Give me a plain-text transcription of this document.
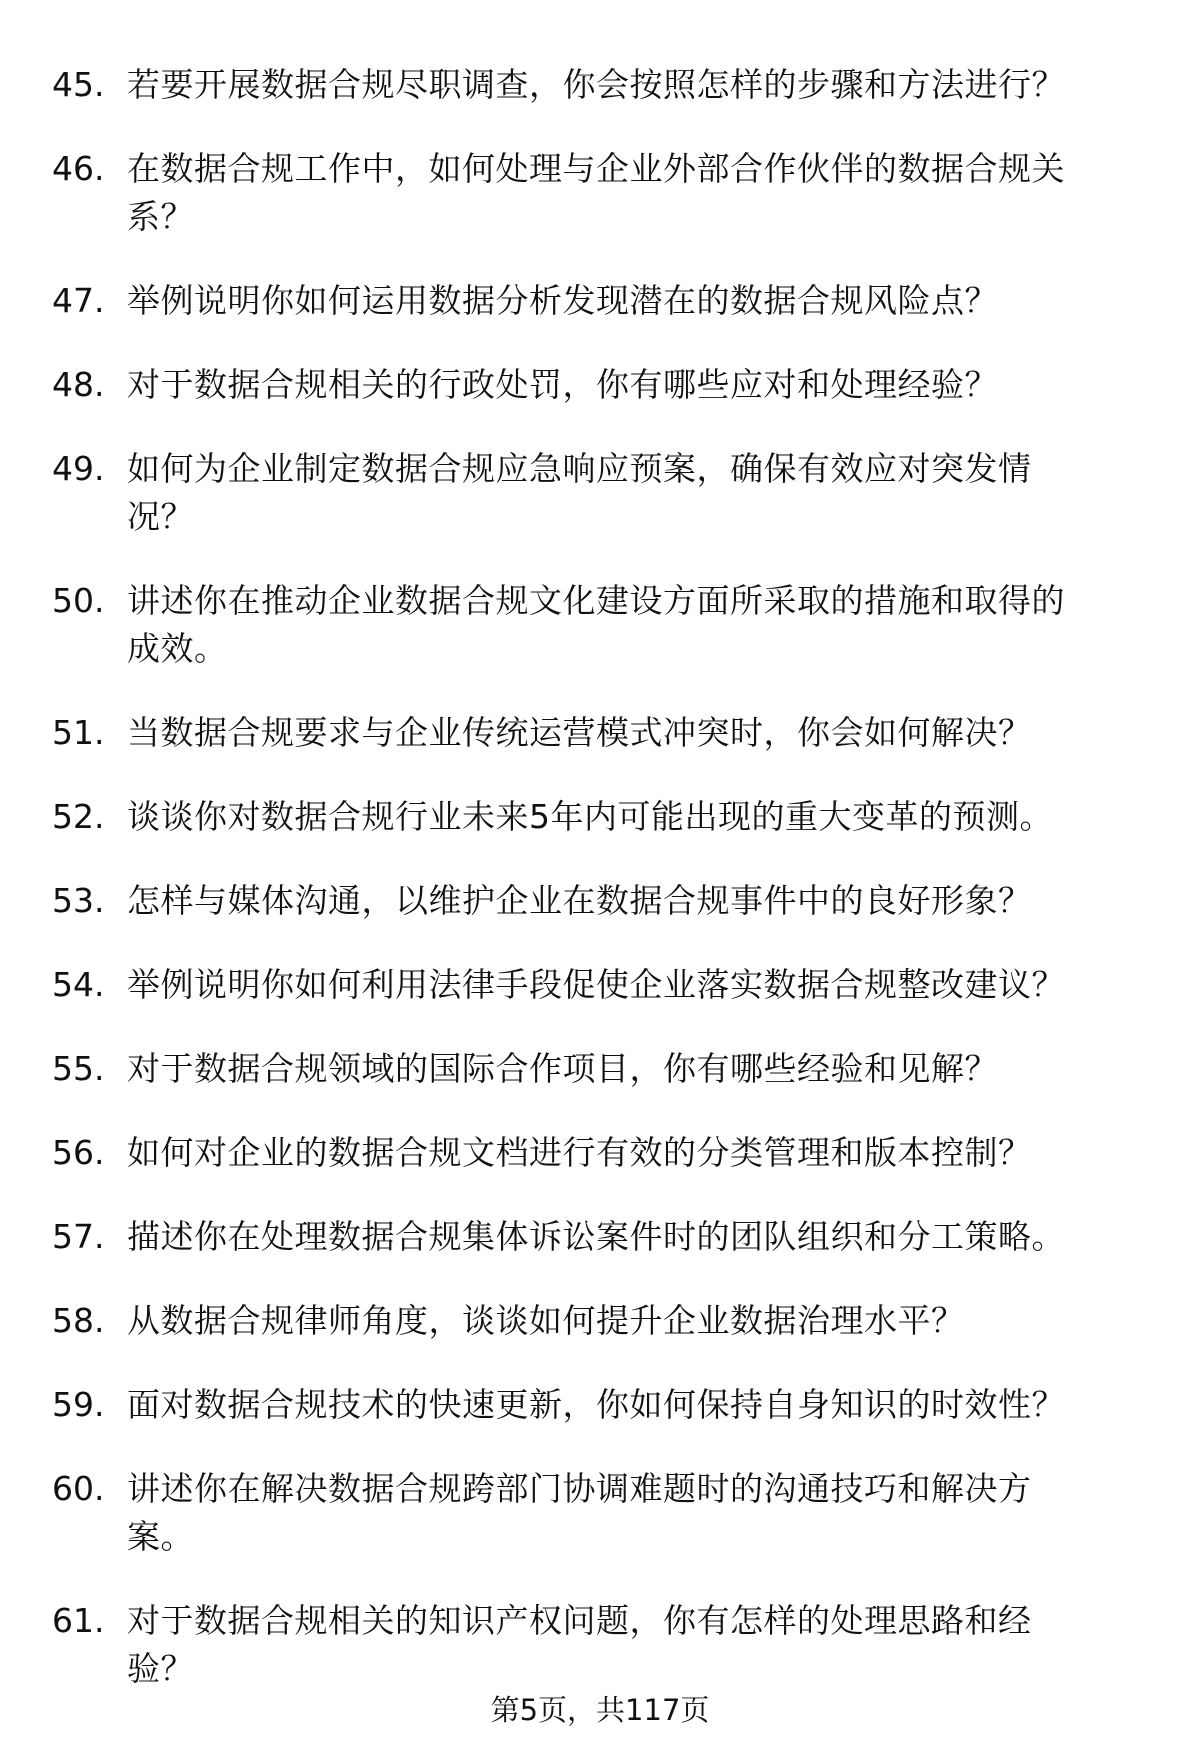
45. 若要开展数据合规尽职调查，你会按照怎样的步骤和方法进行？
46. 在数据合规工作中，如何处理与企业外部合作伙伴的数据合规关
系？
47. 举例说明你如何运用数据分析发现潜在的数据合规风险点？
48. 对于数据合规相关的行政处罚，你有哪些应对和处理经验？
49. 如何为企业制定数据合规应急响应预案，确保有效应对突发情
况？
50. 讲述你在推动企业数据合规文化建设方面所采取的措施和取得的
成效。
51. 当数据合规要求与企业传统运营模式冲突时，你会如何解决？
52. 谈谈你对数据合规行业未来5年内可能出现的重大变革的预测。
53. 怎样与媒体沟通，以维护企业在数据合规事件中的良好形象？
54. 举例说明你如何利用法律手段促使企业落实数据合规整改建议？
55. 对于数据合规领域的国际合作项目，你有哪些经验和见解？
56. 如何对企业的数据合规文档进行有效的分类管理和版本控制？
57. 描述你在处理数据合规集体诉讼案件时的团队组织和分工策略。
58. 从数据合规律师角度，谈谈如何提升企业数据治理水平？
59. 面对数据合规技术的快速更新，你如何保持自身知识的时效性？
60. 讲述你在解决数据合规跨部门协调难题时的沟通技巧和解决方
案。
61. 对于数据合规相关的知识产权问题，你有怎样的处理思路和经
验？
第5页，共117页
